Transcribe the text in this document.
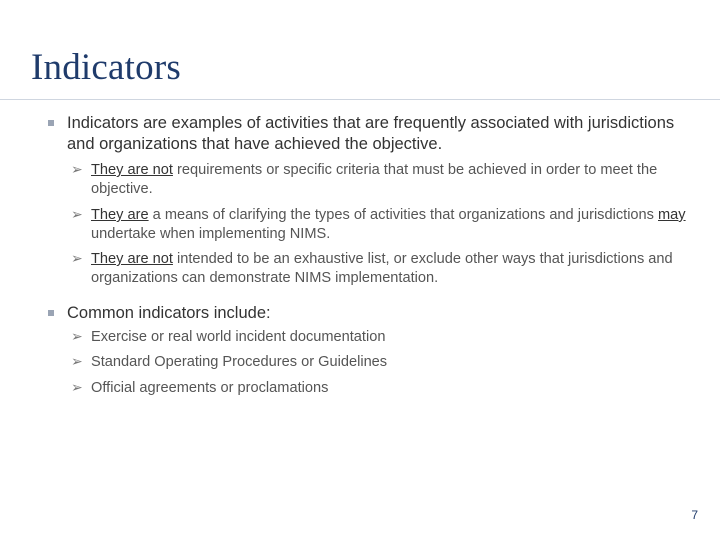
Indicators
Indicators are examples of activities that are frequently associated with jurisdictions and organizations that have achieved the objective.
➢ They are not requirements or specific criteria that must be achieved in order to meet the objective.
➢ They are a means of clarifying the types of activities that organizations and jurisdictions may undertake when implementing NIMS.
➢ They are not intended to be an exhaustive list, or exclude other ways that jurisdictions and organizations can demonstrate NIMS implementation.
Common indicators include:
➢ Exercise or real world incident documentation
➢ Standard Operating Procedures or Guidelines
➢ Official agreements or proclamations
7
